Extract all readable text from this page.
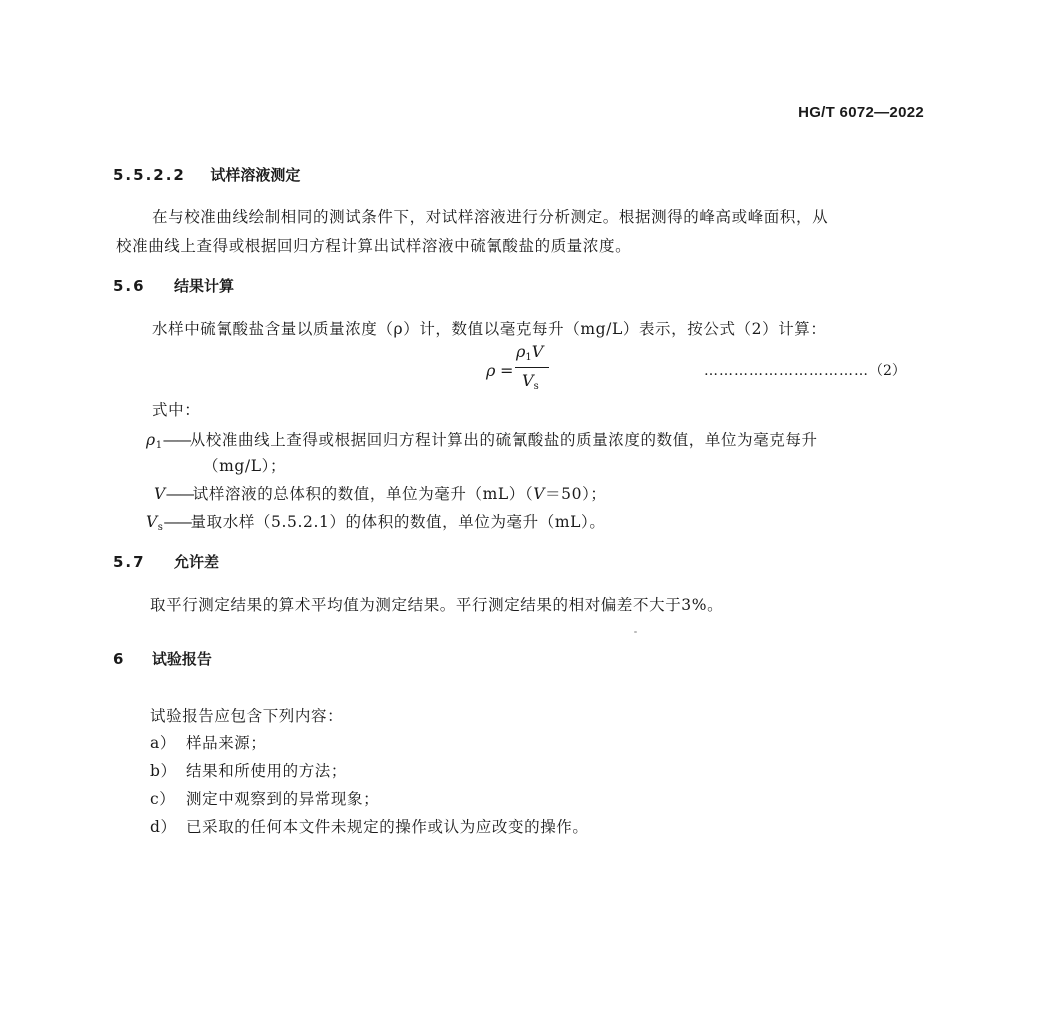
HG/T 6072—2022
5.5.2.2 试样溶液测定
在与校准曲线绘制相同的测试条件下，对试样溶液进行分析测定。根据测得的峰高或峰面积，从
校准曲线上查得或根据回归方程计算出试样溶液中硫氰酸盐的质量浓度。
5.6 结果计算
水样中硫氰酸盐含量以质量浓度（ρ）计，数值以毫克每升（mg/L）表示，按公式（2）计算：
ρ =
$\rho_1V$
$V_s$
……………………………（2）
式中：
$\rho_1——$从校准曲线上查得或根据回归方程计算出的硫氰酸盐的质量浓度的数值，单位为毫克每升
（mg/L）；
V——试样溶液的总体积的数值，单位为毫升（mL）（V＝50）；
$V_s——$量取水样（5.5.2.1）的体积的数值，单位为毫升（mL）。
5.7 允许差
取平行测定结果的算术平均值为测定结果。平行测定结果的相对偏差不大于3%。
6 试验报告
试验报告应包含下列内容：
a） 样品来源；
b） 结果和所使用的方法；
c） 测定中观察到的异常现象；
d） 已采取的任何本文件未规定的操作或认为应改变的操作。
